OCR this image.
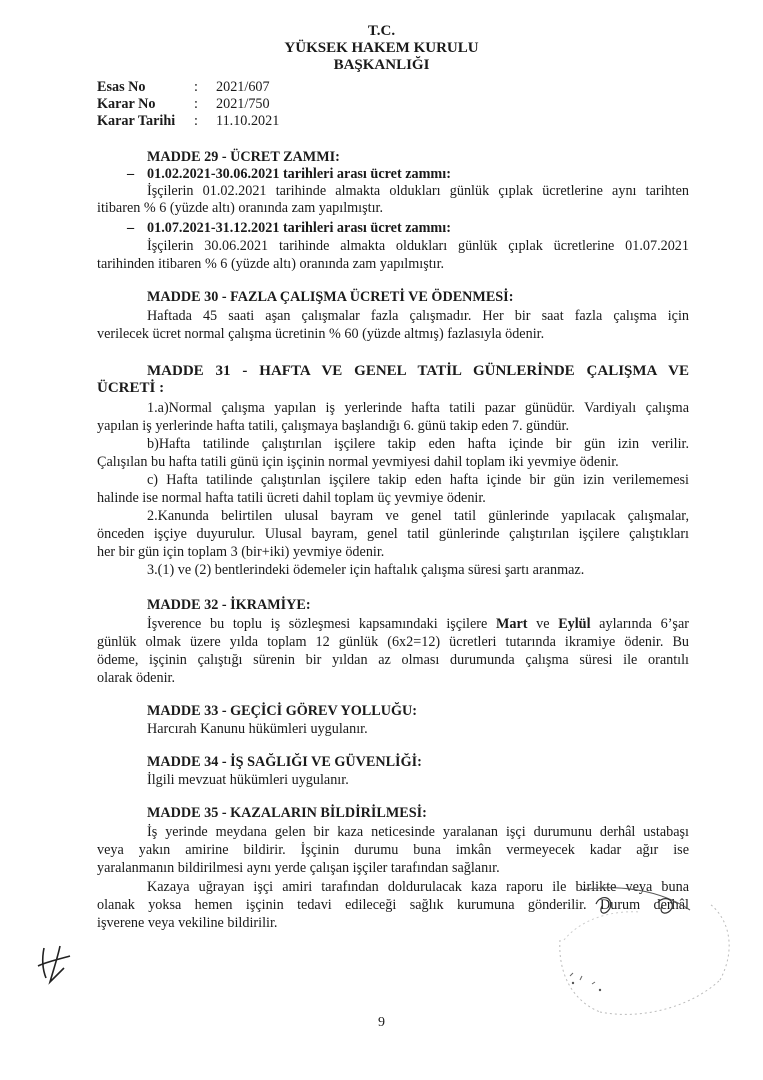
T.C.
YÜKSEK HAKEM KURULU
BAŞKANLIĞI
Esas No	: 2021/607
Karar No	: 2021/750
Karar Tarihi : 11.10.2021
MADDE 29 - ÜCRET ZAMMI:
– 01.02.2021-30.06.2021 tarihleri arası ücret zammı:
İşçilerin 01.02.2021 tarihinde almakta oldukları günlük çıplak ücretlerine aynı tarihten
itibaren % 6 (yüzde altı) oranında zam yapılmıştır.
– 01.07.2021-31.12.2021 tarihleri arası ücret zammı:
İşçilerin 30.06.2021 tarihinde almakta oldukları günlük çıplak ücretlerine 01.07.2021
tarihinden itibaren % 6 (yüzde altı) oranında zam yapılmıştır.
MADDE 30 - FAZLA ÇALIŞMA ÜCRETİ VE ÖDENMESİ:
Haftada 45 saati aşan çalışmalar fazla çalışmadır. Her bir saat fazla çalışma için
verilecek ücret normal çalışma ücretinin % 60 (yüzde altmış) fazlasıyla ödenir.
MADDE 31 - HAFTA VE GENEL TATİL GÜNLERİNDE ÇALIŞMA VE
ÜCRETİ :
1.a)Normal çalışma yapılan iş yerlerinde hafta tatili pazar günüdür. Vardiyalı çalışma
yapılan iş yerlerinde hafta tatili, çalışmaya başlandığı 6. günü takip eden 7. gündür.
b)Hafta tatilinde çalıştırılan işçilere takip eden hafta içinde bir gün izin verilir.
Çalışılan bu hafta tatili günü için işçinin normal yevmiyesi dahil toplam iki yevmiye ödenir.
c) Hafta tatilinde çalıştırılan işçilere takip eden hafta içinde bir gün izin verilememesi
halinde ise normal hafta tatili ücreti dahil toplam üç yevmiye ödenir.
2.Kanunda belirtilen ulusal bayram ve genel tatil günlerinde yapılacak çalışmalar,
önceden işçiye duyurulur. Ulusal bayram, genel tatil günlerinde çalıştırılan işçilere çalıştıkları
her bir gün için toplam 3 (bir+iki) yevmiye ödenir.
3.(1) ve (2) bentlerindeki ödemeler için haftalık çalışma süresi şartı aranmaz.
MADDE 32 - İKRAMİYE:
İşverence bu toplu iş sözleşmesi kapsamındaki işçilere Mart ve Eylül aylarında 6’şar
günlük olmak üzere yılda toplam 12 günlük (6x2=12) ücretleri tutarında ikramiye ödenir. Bu
ödeme, işçinin çalıştığı sürenin bir yıldan az olması durumunda çalışma süresi ile orantılı
olarak ödenir.
MADDE 33 - GEÇİCİ GÖREV YOLLUĞU:
Harcırah Kanunu hükümleri uygulanır.
MADDE 34 - İŞ SAĞLIĞI VE GÜVENLİĞİ:
İlgili mevzuat hükümleri uygulanır.
MADDE 35 - KAZALARIN BİLDİRİLMESİ:
İş yerinde meydana gelen bir kaza neticesinde yaralanan işçi durumunu derhâl ustabaşı
veya yakın amirine bildirir. İşçinin durumu buna imkân vermeyecek kadar ağır ise
yaralanmanın bildirilmesi aynı yerde çalışan işçiler tarafından sağlanır.
Kazaya uğrayan işçi amiri tarafından doldurulacak kaza raporu ile birlikte veya buna
olanak yoksa hemen işçinin tedavi edileceği sağlık kurumuna gönderilir. Durum derhâl
işverene veya vekiline bildirilir.
9
